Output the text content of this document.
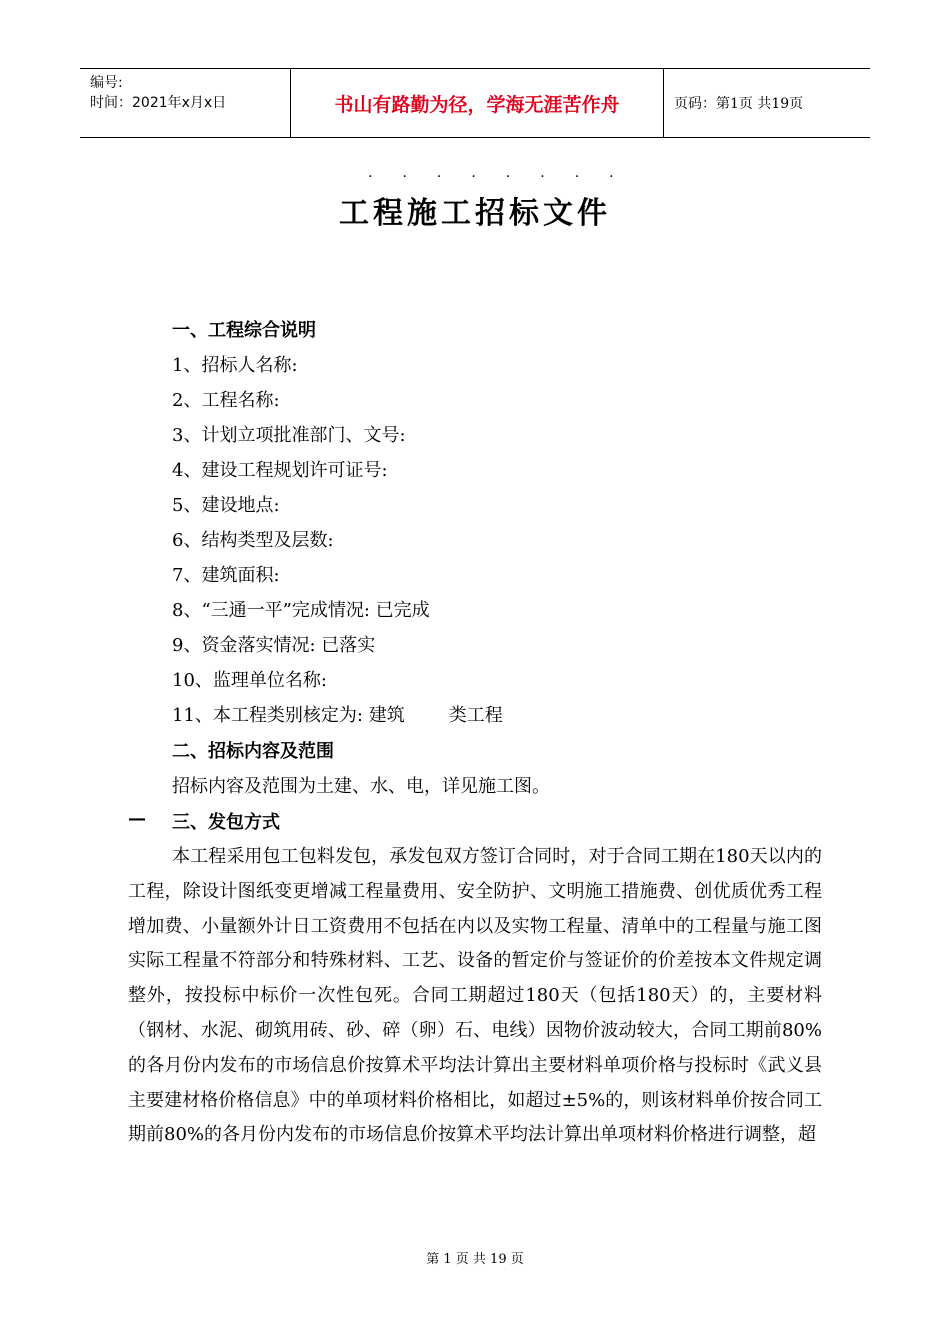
编号:
时间：2021年x月x日	书山有路勤为径，学海无涯苦作舟	页码：第1页 共19页
········
工程施工招标文件
一、工程综合说明
1、招标人名称:
2、工程名称:
3、计划立项批准部门、文号:
4、建设工程规划许可证号:
5、建设地点:
6、结构类型及层数:
7、建筑面积:
8、“三通一平”完成情况: 已完成
9、资金落实情况: 已落实
10、监理单位名称:
11、本工程类别核定为: 建筑 类工程
二、招标内容及范围
招标内容及范围为土建、水、电，详见施工图。
— 三、发包方式
本工程采用包工包料发包，承发包双方签订合同时，对于合同工期在180天以内的工程，除设计图纸变更增减工程量费用、安全防护、文明施工措施费、创优质优秀工程增加费、小量额外计日工资费用不包括在内以及实物工程量、清单中的工程量与施工图实际工程量不符部分和特殊材料、工艺、设备的暂定价与签证价的价差按本文件规定调整外，按投标中标价一次性包死。合同工期超过180天（包括180天）的，主要材料（钢材、水泥、砌筑用砖、砂、碎（卵）石、电线）因物价波动较大，合同工期前80%的各月份内发布的市场信息价按算术平均法计算出主要材料单项价格与投标时《武义县主要建材格价格信息》中的单项材料价格相比，如超过±5%的，则该材料单价按合同工期前80%的各月份内发布的市场信息价按算术平均法计算出单项材料价格进行调整，超
第 1 页 共 19 页
